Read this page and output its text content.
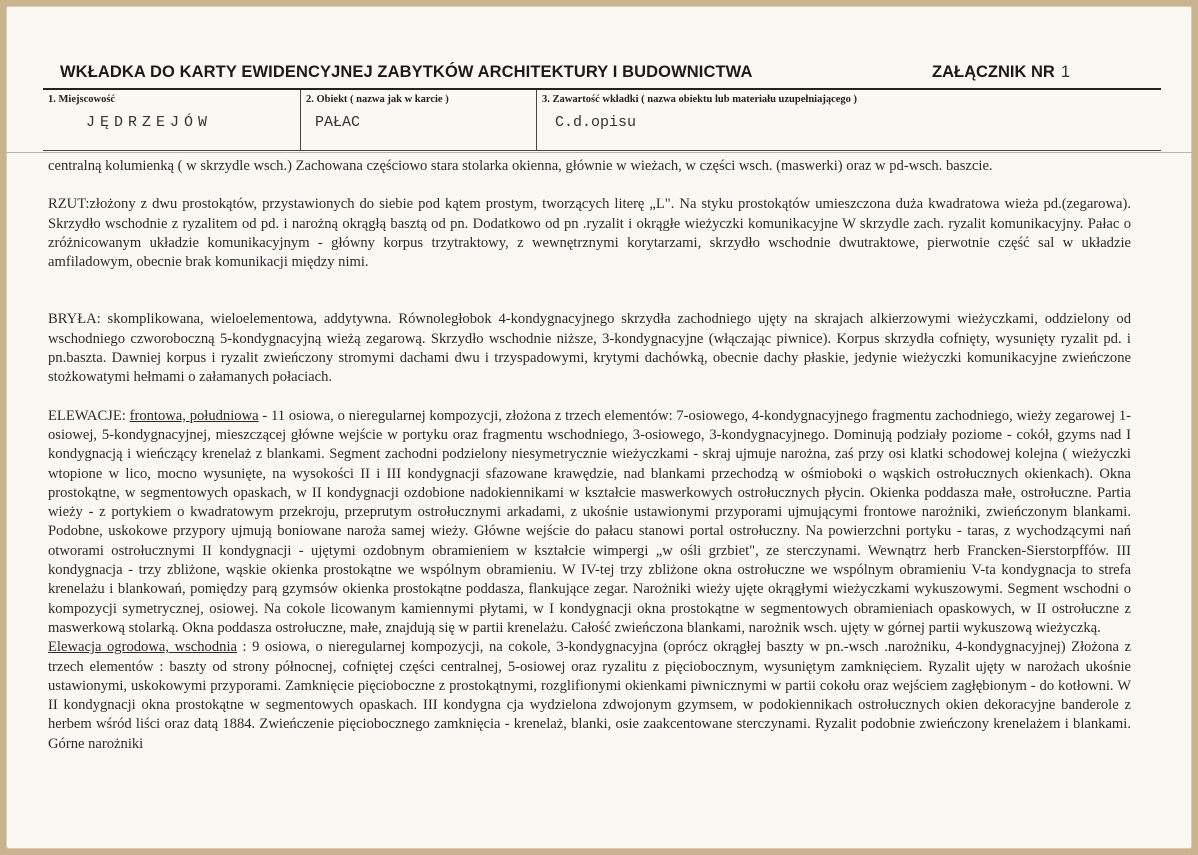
WKŁADKA DO KARTY EWIDENCYJNEJ ZABYTKÓW ARCHITEKTURY I BUDOWNICTWA	ZAŁĄCZNIK NR 1
1. Miejscowość
JĘDRZEJÓW
2. Obiekt ( nazwa jak w karcie )
PAŁAC
3. Zawartość wkładki ( nazwa obiektu lub materiału uzupełniającego )
C.d.opisu

centralną kolumienką ( w skrzydle wsch.) Zachowana częściowo stara stolarka okienna, głównie w wieżach, w części wsch. (maswerki) oraz w pd-wsch. baszcie.

RZUT:złożony z dwu prostokątów, przystawionych do siebie pod kątem prostym, tworzących literę „L". Na styku prostokątów umieszczona duża kwadratowa wieża pd.(zegarowa). Skrzydło wschodnie z ryzalitem od pd. i narożną okrągłą basztą od pn. Dodatkowo od pn .ryzalit i okrągłe wieżyczki komunikacyjne W skrzydle zach. ryzalit komunikacyjny. Pałac o zróżnicowanym układzie komunikacyjnym - główny korpus trzytraktowy, z wewnętrznymi korytarzami, skrzydło wschodnie dwutraktowe, pierwotnie część sal w układzie amfiladowym, obecnie brak komunikacji między nimi.

BRYŁA: skomplikowana, wieloelementowa, addytywna. Równoległobok 4-kondygnacyjnego skrzydła zachodniego ujęty na skrajach alkierzowymi wieżyczkami, oddzielony od wschodniego czworoboczną 5-kondygnacyjną wieżą zegarową. Skrzydło wschodnie niższe, 3-kondygnacyjne (włączając piwnice). Korpus skrzydła cofnięty, wysunięty ryzalit pd. i pn.baszta. Dawniej korpus i ryzalit zwieńczony stromymi dachami dwu i trzyspadowymi, krytymi dachówką, obecnie dachy płaskie, jedynie wieżyczki komunikacyjne zwieńczone stożkowatymi hełmami o załamanych połaciach.

ELEWACJE: frontowa, południowa - 11 osiowa, o nieregularnej kompozycji, złożona z trzech elementów: 7-osiowego, 4-kondygnacyjnego fragmentu zachodniego, wieży zegarowej 1-osiowej, 5-kondygnacyjnej, mieszczącej główne wejście w portyku oraz fragmentu wschodniego, 3-osiowego, 3-kondygnacyjnego. Dominują podziały poziome - cokół, gzyms nad I kondygnacją i wieńczący krenelaż z blankami. Segment zachodni podzielony niesymetrycznie wieżyczkami - skraj ujmuje narożna, zaś przy osi klatki schodowej kolejna ( wieżyczki wtopione w lico, mocno wysunięte, na wysokości II i III kondygnacji sfazowane krawędzie, nad blankami przechodzą w ośmioboki o wąskich ostrołucznych okienkach). Okna prostokątne, w segmentowych opaskach, w II kondygnacji ozdobione nadokiennikami w kształcie maswerkowych ostrołucznych płycin. Okienka poddasza małe, ostrołuczne. Partia wieży - z portykiem o kwadratowym przekroju, przeprutym ostrołucznymi arkadami, z ukośnie ustawionymi przyporami ujmującymi frontowe narożniki, zwieńczonym blankami. Podobne, uskokowe przypory ujmują boniowane naroża samej wieży. Główne wejście do pałacu stanowi portal ostrołuczny. Na powierzchni portyku - taras, z wychodzącymi nań otworami ostrołucznymi II kondygnacji - ujętymi ozdobnym obramieniem w kształcie wimpergi „w ośli grzbiet", ze sterczynami. Wewnątrz herb Francken-Sierstorpffów. III kondygnacja - trzy zbliżone, wąskie okienka prostokątne we wspólnym obramieniu. W IV-tej trzy zbliżone okna ostrołuczne we wspólnym obramieniu V-ta kondygnacja to strefa krenelażu i blankowań, pomiędzy parą gzymsów okienka prostokątne poddasza, flankujące zegar. Narożniki wieży ujęte okrągłymi wieżyczkami wykuszowymi. Segment wschodni o kompozycji symetrycznej, osiowej. Na cokole licowanym kamiennymi płytami, w I kondygnacji okna prostokątne w segmentowych obramieniach opaskowych, w II ostrołuczne z maswerkową stolarką. Okna poddasza ostrołuczne, małe, znajdują się w partii krenelażu. Całość zwieńczona blankami, narożnik wsch. ujęty w górnej partii wykuszową wieżyczką.

Elewacja ogrodowa, wschodnia : 9 osiowa, o nieregularnej kompozycji, na cokole, 3-kondygnacyjna (oprócz okrągłej baszty w pn.-wsch .narożniku, 4-kondygnacyjnej) Złożona z trzech elementów : baszty od strony północnej, cofniętej części centralnej, 5-osiowej oraz ryzalitu z pięciobocznym, wysuniętym zamknięciem. Ryzalit ujęty w narożach ukośnie ustawionymi, uskokowymi przyporami. Zamknięcie pięcioboczne z prostokątnymi, rozglifionymi okienkami piwnicznymi w partii cokołu oraz wejściem zagłębionym - do kotłowni. W II kondygnacji okna prostokątne w segmentowych opaskach. III kondygna cja wydzielona zdwojonym gzymsem, w podokiennikach ostrołucznych okien dekoracyjne banderole z herbem wśród liści oraz datą 1884. Zwieńczenie pięciobocznego zamknięcia - krenelaż, blanki, osie zaakcentowane sterczynami. Ryzalit podobnie zwieńczony krenelażem i blankami. Górne narożniki
